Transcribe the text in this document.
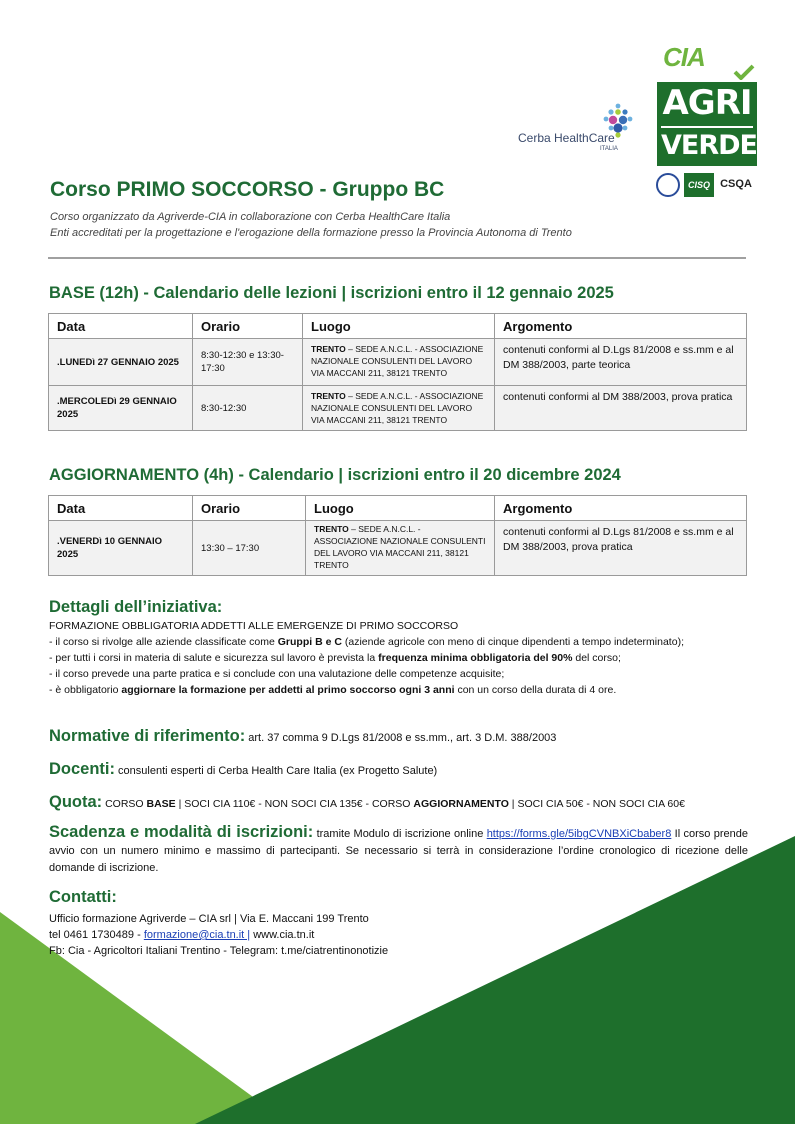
Cerba HealthCare
ITALIA
CIA
AGRI
VERDE
CISQ CSQA
Corso PRIMO SOCCORSO - Gruppo BC
Corso organizzato da Agriverde-CIA in collaborazione con Cerba HealthCare Italia
Enti accreditati per la progettazione e l'erogazione della formazione presso la Provincia Autonoma di Trento
BASE (12h) - Calendario delle lezioni | iscrizioni entro il 12 gennaio 2025
Data	Orario	Luogo	Argomento
.LUNEDì 27 GENNAIO 2025	8:30-12:30 e 13:30-17:30	TRENTO – SEDE A.N.C.L. - ASSOCIAZIONE NAZIONALE CONSULENTI DEL LAVORO VIA MACCANI 211, 38121 TRENTO	contenuti conformi al D.Lgs 81/2008 e ss.mm e al DM 388/2003, parte teorica
.MERCOLEDì 29 GENNAIO 2025	8:30-12:30	TRENTO – SEDE A.N.C.L. - ASSOCIAZIONE NAZIONALE CONSULENTI DEL LAVORO VIA MACCANI 211, 38121 TRENTO	contenuti conformi al DM 388/2003, prova pratica
AGGIORNAMENTO (4h) - Calendario | iscrizioni entro il 20 dicembre 2024
Data	Orario	Luogo	Argomento
.VENERDì 10 GENNAIO 2025	13:30 – 17:30	TRENTO – SEDE A.N.C.L. - ASSOCIAZIONE NAZIONALE CONSULENTI DEL LAVORO VIA MACCANI 211, 38121 TRENTO	contenuti conformi al D.Lgs 81/2008 e ss.mm e al DM 388/2003, prova pratica
Dettagli dell’iniziativa:
FORMAZIONE OBBLIGATORIA ADDETTI ALLE EMERGENZE DI PRIMO SOCCORSO
- il corso si rivolge alle aziende classificate come Gruppi B e C (aziende agricole con meno di cinque dipendenti a tempo indeterminato);
- per tutti i corsi in materia di salute e sicurezza sul lavoro è prevista la frequenza minima obbligatoria del 90% del corso;
- il corso prevede una parte pratica e si conclude con una valutazione delle competenze acquisite;
- è obbligatorio aggiornare la formazione per addetti al primo soccorso ogni 3 anni con un corso della durata di 4 ore.
Normative di riferimento: art. 37 comma 9 D.Lgs 81/2008 e ss.mm., art. 3 D.M. 388/2003
Docenti: consulenti esperti di Cerba Health Care Italia (ex Progetto Salute)
Quota: CORSO BASE | SOCI CIA 110€ - NON SOCI CIA 135€ - CORSO AGGIORNAMENTO | SOCI CIA 50€ - NON SOCI CIA 60€
Scadenza e modalità di iscrizioni: tramite Modulo di iscrizione online https://forms.gle/5ibgCVNBXiCbaber8 Il corso prende avvio con un numero minimo e massimo di partecipanti. Se necessario si terrà in considerazione l’ordine cronologico di ricezione delle domande di iscrizione.
Contatti:
Ufficio formazione Agriverde – CIA srl | Via E. Maccani 199 Trento
tel 0461 1730489 - formazione@cia.tn.it | www.cia.tn.it
Fb: Cia - Agricoltori Italiani Trentino - Telegram: t.me/ciatrentinonotizie
